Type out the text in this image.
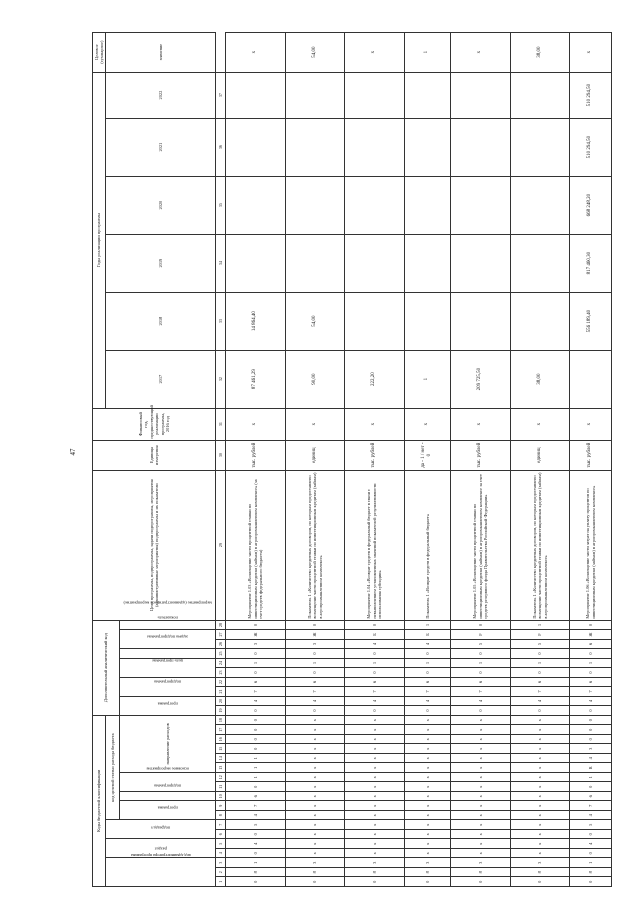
47
Коды бюджетной классификации																		Дополнительный аналитический код										Цели программы, подпрограммы, задачи подпрограммы, мероприятия (административные мероприятия) подпрограммы и их показатели	Единица измерения	Финансовый год, предшествующий реализации программы, 2016 год	Годы реализации программы						Целевое (суммарное)
код администратора программы			раздел		подраздел		код целевой статьи расхода бюджета																								2017	2018	2019	2020	2021	2022	значение
							программа		подпрограмма	основное мероприятие		направление расходов						программа		подпрограмма		цель программы		задача подпрограммы	мероприятие (административное мероприятие)		показатель										
1	2	3	4	5	6	7	8	9	10	11	12	13	14	15	16	17	18	19	20	21	22	23	24	25	26	27	28	29	30	31	32	33	34	35	36	37	
0	8	1	0	4	0	5	4	7	6	0	1	1	1	0	0	0	0	0	4	7	6	0	1	0	3	Ж	0	Мероприятие 1.03 «Возмещение части процентной ставки по инвестиционным кредитам (займам) в агропромышленном комплексе» (за счет средств федерального бюджета)	тыс. рублей	х	87 461,29	14 864,40					х
0	8	3	х	х	х	х	х	х	х	х	х	х	х	х	х	х	х	0	4	7	6	0	1	0	3	Ж	0	Показатель 1 «Количество кредитных договоров, по которым предоставлено возмещение части процентной ставки по инвестиционным кредитам (займам) в агропромышленном комплексе»	единиц	х	90,00	54,00					54,00
0	8	3	х	х	х	х	х	х	х	х	х	х	х	х	х	х	х	0	4	7	6	0	1	0	4	Б	0	Мероприятие 1.04 «Возврат средств в федеральный бюджет в связи с невыполнением установленных значений показателей результативности использования субсидии»	тыс. рублей	х	222,20						х
0	8	3	х	х	х	х	х	х	х	х	х	х	х	х	х	х	х	0	4	7	6	0	1	0	4	Б	1	Показатель 1 «Возврат средств в федеральный бюджет»	да - 1 / нет - 0	х	1						1
0	8	3	х	х	х	х	х	х	х	х	х	х	х	х	х	х	х	0	4	7	6	0	1	0	5	F	0	Мероприятие 1.05 «Возмещение части процентной ставки по инвестиционным кредитам (займам) в агропромышленном комплексе за счет средств резервного фонда Правительства Российской Федерации»	тыс. рублей	х	209 725,50						х
0	8	3	х	х	х	х	х	х	х	х	х	х	х	х	х	х	х	0	4	7	6	0	1	0	5	F	1	Показатель 1 «Количество кредитных договоров, по которым предоставлено возмещение части процентной ставки по инвестиционным кредитам (займам) в агропромышленном комплексе»	единиц	х	38,00						38,00
0	8	1	0	4	0	5	4	7	6	0	1	R	4	3	0	0	0	0	4	7	6	0	1	0	6	Ж	0	Мероприятие 1.06 «Возмещение части затрат на уплату процентов по инвестиционным кредитам (займам) в агропромышленном комплексе»	тыс. рублей	х		556 189,40	817 460,30	668 248,20	510 294,50	510 294,50	х
